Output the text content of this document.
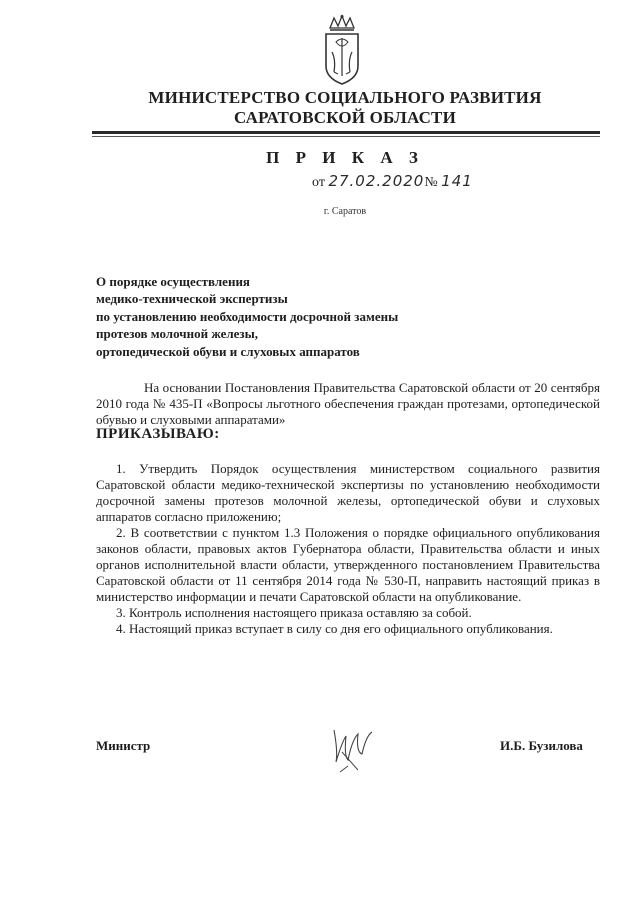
МИНИСТЕРСТВО СОЦИАЛЬНОГО РАЗВИТИЯ
САРАТОВСКОЙ ОБЛАСТИ
П Р И К А З
от 27.02.2020№ 141
г. Саратов
О порядке осуществления
медико-технической экспертизы
по установлению необходимости досрочной замены
протезов молочной железы,
ортопедической обуви и слуховых аппаратов
На основании Постановления Правительства Саратовской области от 20 сентября 2010 года № 435-П «Вопросы льготного обеспечения граждан протезами, ортопедической обувью и слуховыми аппаратами»
ПРИКАЗЫВАЮ:

1. Утвердить Порядок осуществления министерством социального развития Саратовской области медико-технической экспертизы по установлению необходимости досрочной замены протезов молочной железы, ортопедической обуви и слуховых аппаратов согласно приложению;

2. В соответствии с пунктом 1.3 Положения о порядке официального опубликования законов области, правовых актов Губернатора области, Правительства области и иных органов исполнительной власти области, утвержденного постановлением Правительства Саратовской области от 11 сентября 2014 года № 530-П, направить настоящий приказ в министерство информации и печати Саратовской области на опубликование.

3. Контроль исполнения настоящего приказа оставляю за собой.

4. Настоящий приказ вступает в силу со дня его официального опубликования.

Министр	И.Б. Бузилова
